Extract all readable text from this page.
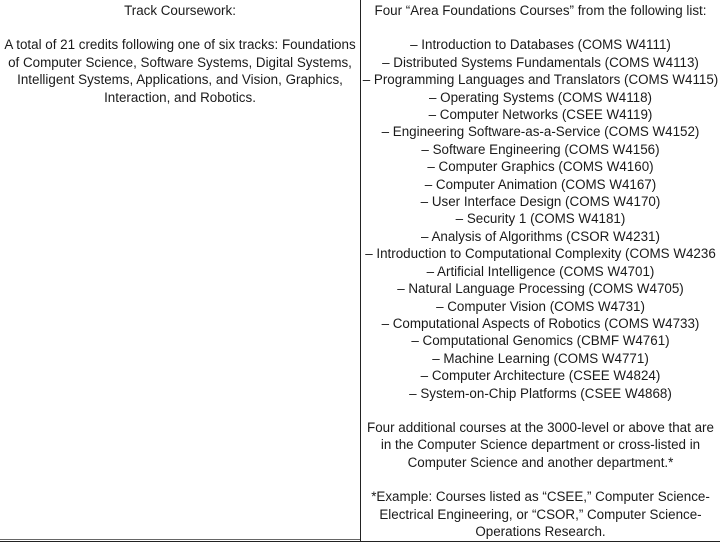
Track Coursework:
A total of 21 credits following one of six tracks: Foundations of Computer Science, Software Systems, Digital Systems, Intelligent Systems, Applications, and Vision, Graphics, Interaction, and Robotics.
Four “Area Foundations Courses” from the following list:
– Introduction to Databases (COMS W4111)
– Distributed Systems Fundamentals (COMS W4113)
– Programming Languages and Translators (COMS W4115)
– Operating Systems (COMS W4118)
– Computer Networks (CSEE W4119)
– Engineering Software-as-a-Service (COMS W4152)
– Software Engineering (COMS W4156)
– Computer Graphics (COMS W4160)
– Computer Animation (COMS W4167)
– User Interface Design (COMS W4170)
– Security 1 (COMS W4181)
– Analysis of Algorithms (CSOR W4231)
– Introduction to Computational Complexity (COMS W4236
– Artificial Intelligence (COMS W4701)
– Natural Language Processing (COMS W4705)
– Computer Vision (COMS W4731)
– Computational Aspects of Robotics (COMS W4733)
– Computational Genomics (CBMF W4761)
– Machine Learning (COMS W4771)
– Computer Architecture (CSEE W4824)
– System-on-Chip Platforms (CSEE W4868)
Four additional courses at the 3000-level or above that are in the Computer Science department or cross-listed in Computer Science and another department.*
*Example: Courses listed as “CSEE,” Computer Science-Electrical Engineering, or “CSOR,” Computer Science-Operations Research.
